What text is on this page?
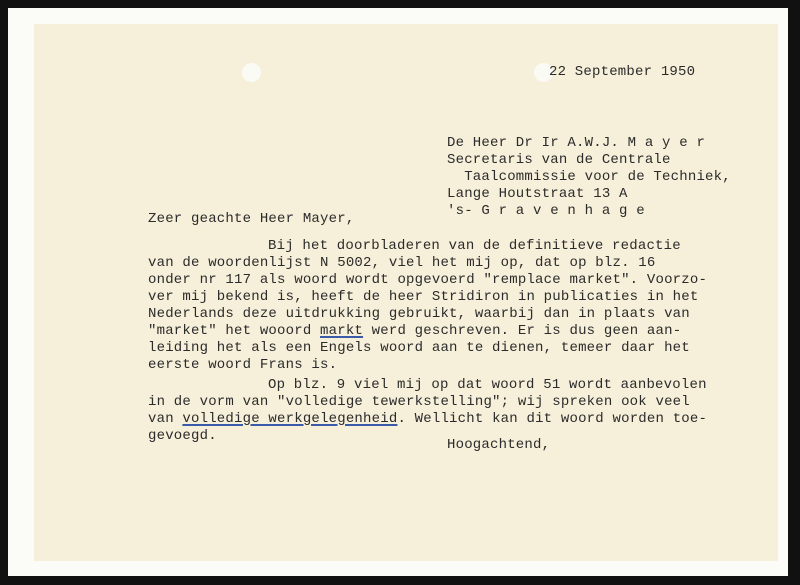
22 September 1950
De Heer Dr Ir A.W.J. M a y e r
Secretaris van de Centrale
Taalcommissie voor de Techniek,
Lange Houtstraat 13 A
's- G r a v e n h a g e
Zeer geachte Heer Mayer,
Bij het doorbladeren van de definitieve redactie
van de woordenlijst N 5002, viel het mij op, dat op blz. 16
onder nr 117 als woord wordt opgevoerd "remplace market". Voorzo-
ver mij bekend is, heeft de heer Stridiron in publicaties in het
Nederlands deze uitdrukking gebruikt, waarbij dan in plaats van
"market" het wooord markt werd geschreven. Er is dus geen aan-
leiding het als een Engels woord aan te dienen, temeer daar het
eerste woord Frans is.
Op blz. 9 viel mij op dat woord 51 wordt aanbevolen
in de vorm van "volledige tewerkstelling"; wij spreken ook veel
van volledige werkgelegenheid. Wellicht kan dit woord worden toe-
gevoegd.
Hoogachtend,
